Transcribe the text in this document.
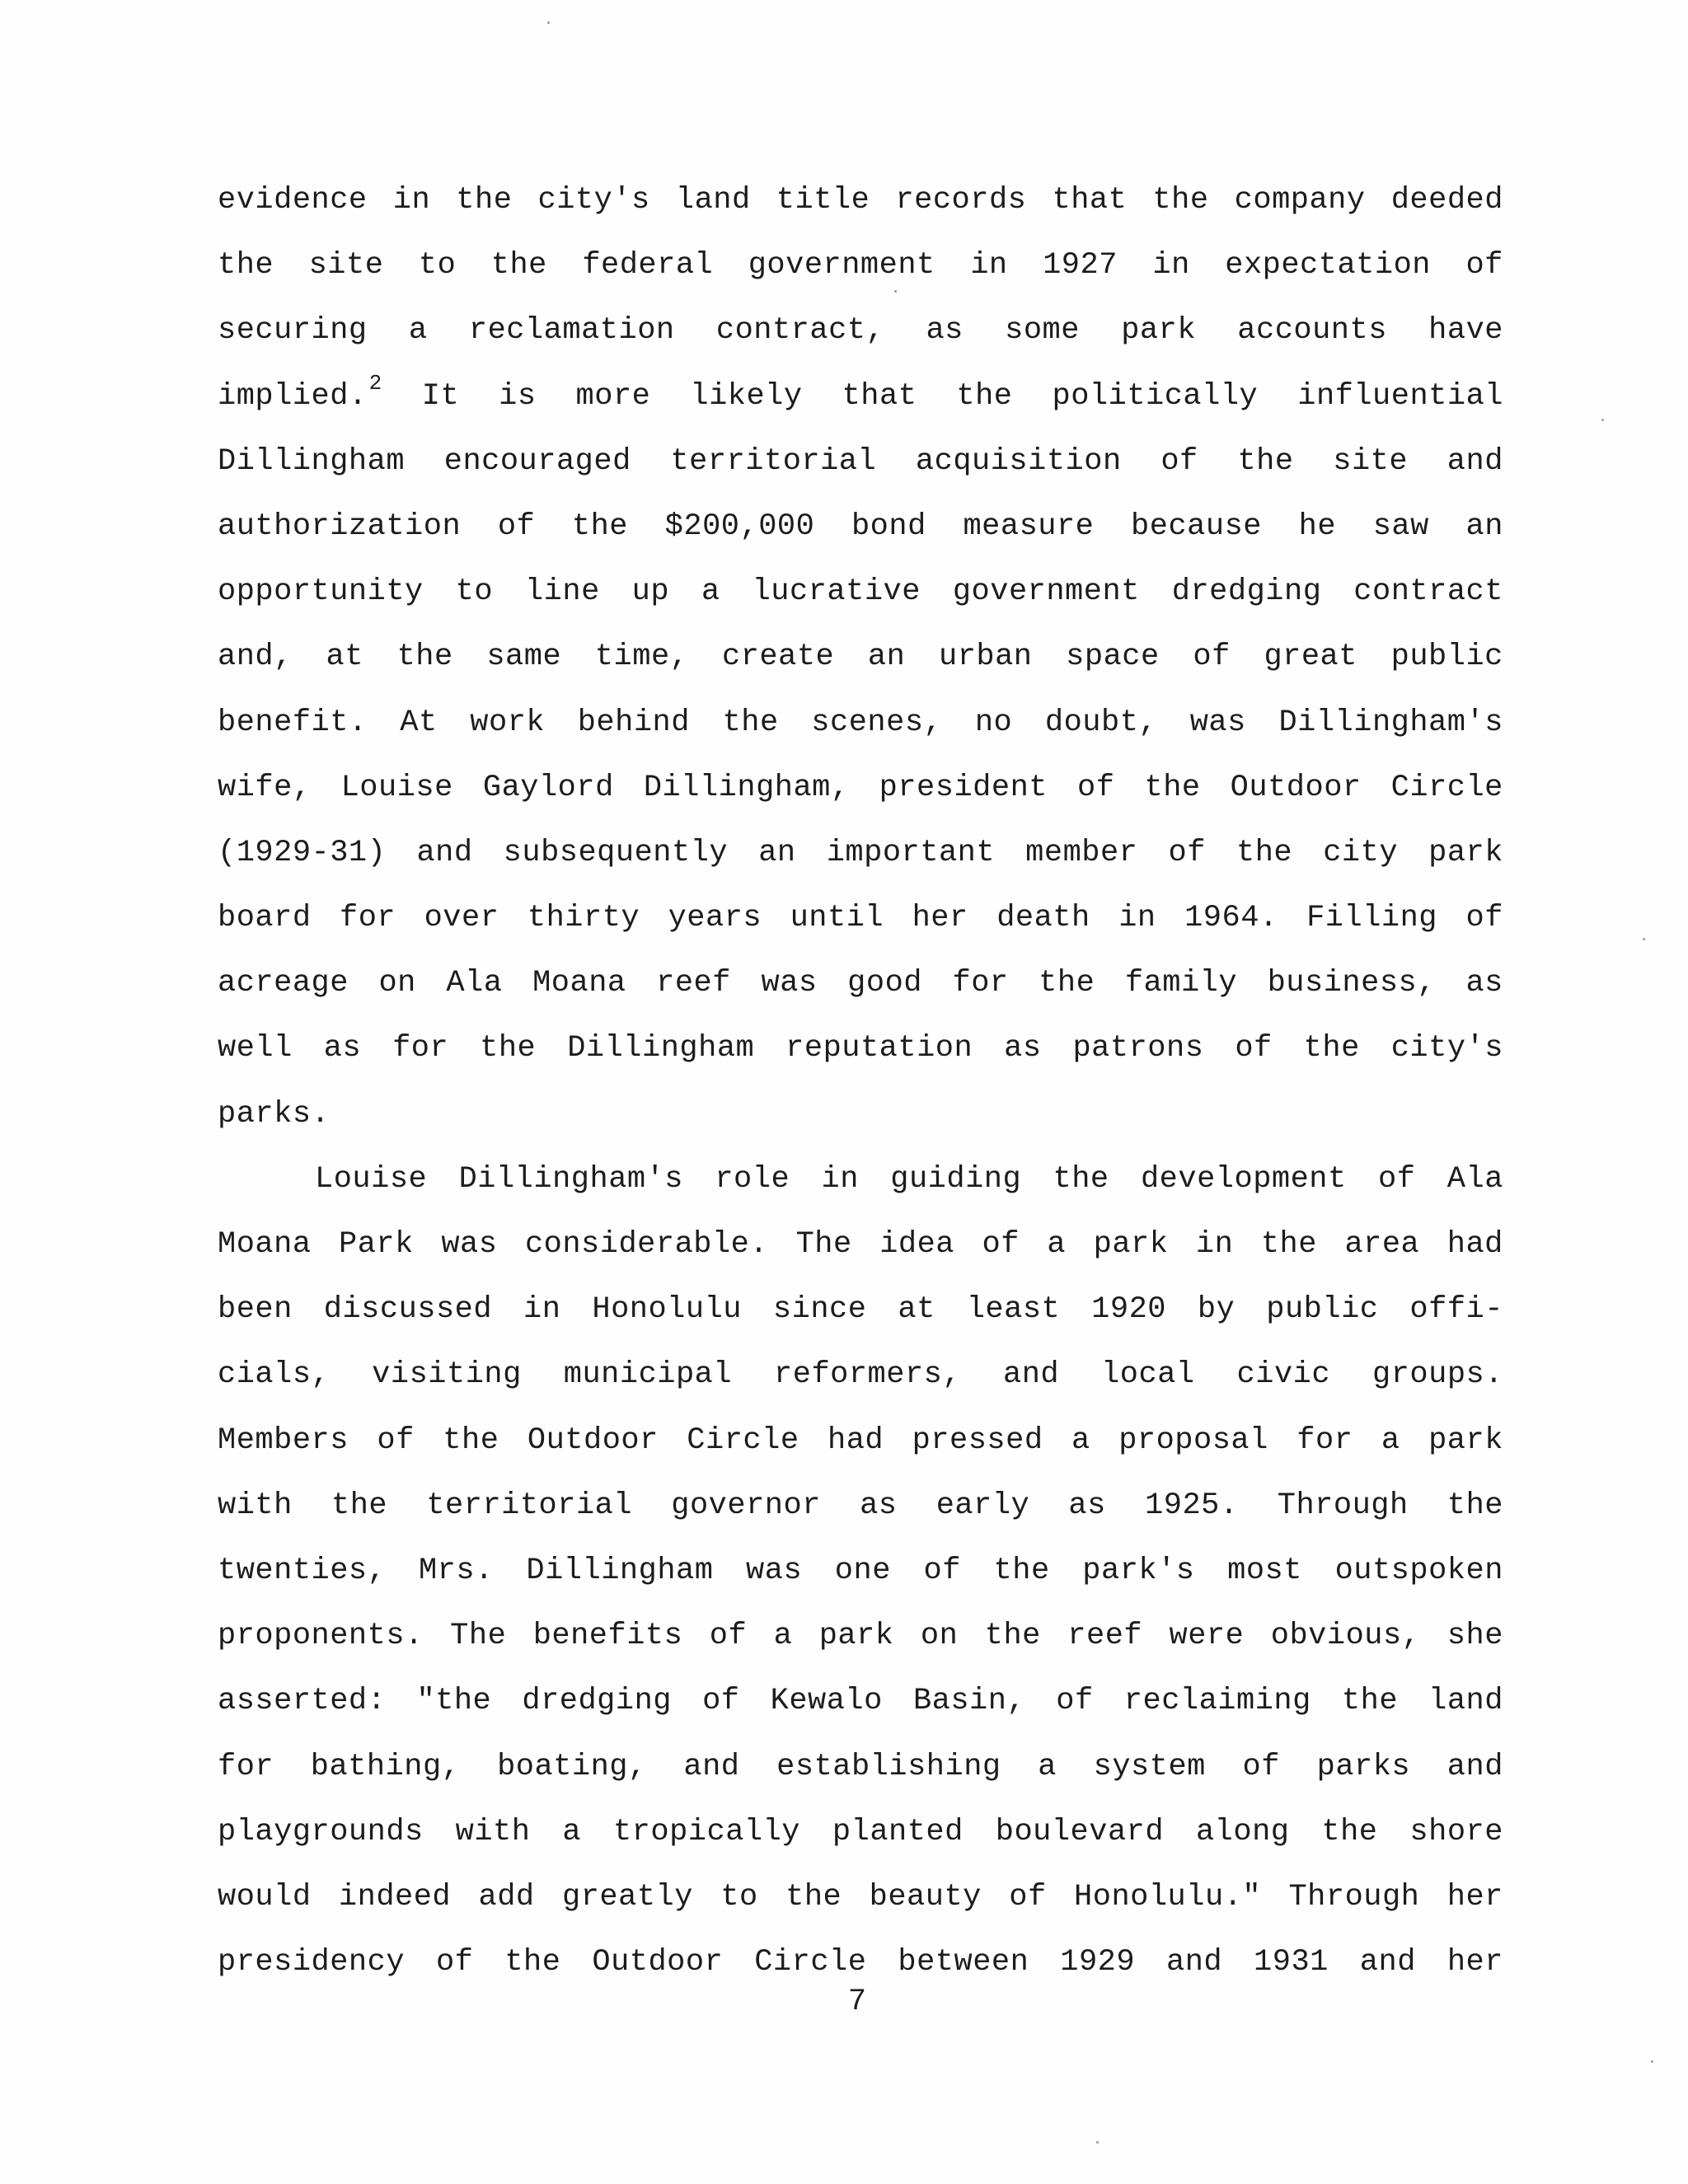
evidence in the city's land title records that the company deeded
the site to the federal government in 1927 in expectation of
securing a reclamation contract, as some park accounts have
implied.$^2$ It is more likely that the politically influential
Dillingham encouraged territorial acquisition of the site and
authorization of the $200,000 bond measure because he saw an
opportunity to line up a lucrative government dredging contract
and, at the same time, create an urban space of great public
benefit. At work behind the scenes, no doubt, was Dillingham's
wife, Louise Gaylord Dillingham, president of the Outdoor Circle
(1929-31) and subsequently an important member of the city park
board for over thirty years until her death in 1964. Filling of
acreage on Ala Moana reef was good for the family business, as
well as for the Dillingham reputation as patrons of the city's
parks.
Louise Dillingham's role in guiding the development of Ala
Moana Park was considerable. The idea of a park in the area had
been discussed in Honolulu since at least 1920 by public offi-
cials, visiting municipal reformers, and local civic groups.
Members of the Outdoor Circle had pressed a proposal for a park
with the territorial governor as early as 1925. Through the
twenties, Mrs. Dillingham was one of the park's most outspoken
proponents. The benefits of a park on the reef were obvious, she
asserted: "the dredging of Kewalo Basin, of reclaiming the land
for bathing, boating, and establishing a system of parks and
playgrounds with a tropically planted boulevard along the shore
would indeed add greatly to the beauty of Honolulu." Through her
presidency of the Outdoor Circle between 1929 and 1931 and her
7
